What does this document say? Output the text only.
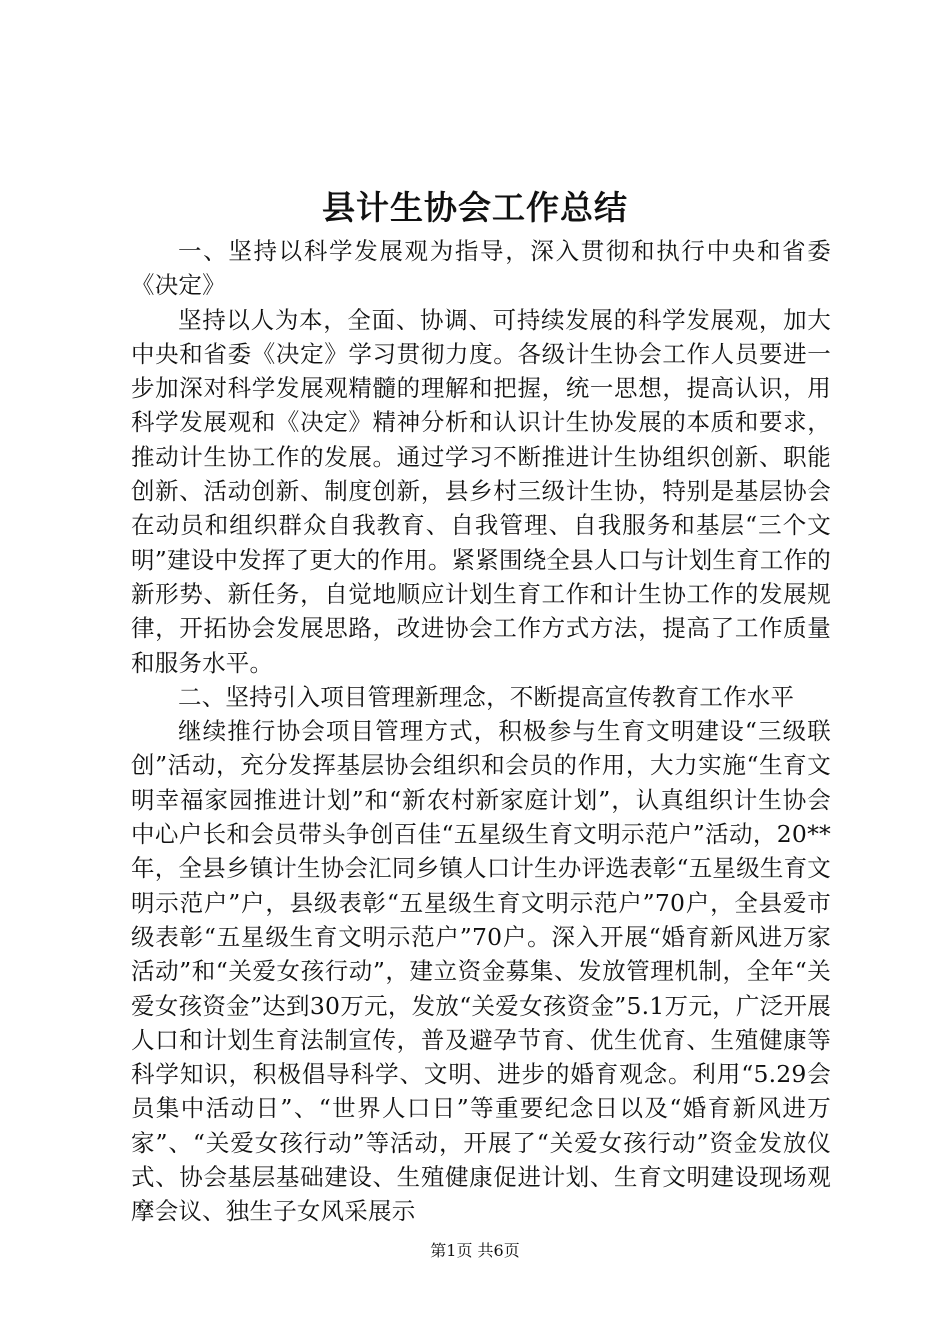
县计生协会工作总结

一、坚持以科学发展观为指导，深入贯彻和执行中央和省委《决定》

坚持以人为本，全面、协调、可持续发展的科学发展观，加大中央和省委《决定》学习贯彻力度。各级计生协会工作人员要进一步加深对科学发展观精髓的理解和把握，统一思想，提高认识，用科学发展观和《决定》精神分析和认识计生协发展的本质和要求，推动计生协工作的发展。通过学习不断推进计生协组织创新、职能创新、活动创新、制度创新，县乡村三级计生协，特别是基层协会在动员和组织群众自我教育、自我管理、自我服务和基层“三个文明”建设中发挥了更大的作用。紧紧围绕全县人口与计划生育工作的新形势、新任务，自觉地顺应计划生育工作和计生协工作的发展规律，开拓协会发展思路，改进协会工作方式方法，提高了工作质量和服务水平。

二、坚持引入项目管理新理念，不断提高宣传教育工作水平

继续推行协会项目管理方式，积极参与生育文明建设“三级联创”活动，充分发挥基层协会组织和会员的作用，大力实施“生育文明幸福家园推进计划”和“新农村新家庭计划”，认真组织计生协会中心户长和会员带头争创百佳“五星级生育文明示范户”活动，20**年，全县乡镇计生协会汇同乡镇人口计生办评选表彰“五星级生育文明示范户”户，县级表彰“五星级生育文明示范户”70户，全县爱市级表彰“五星级生育文明示范户”70户。深入开展“婚育新风进万家活动”和“关爱女孩行动”，建立资金募集、发放管理机制，全年“关爱女孩资金”达到30万元，发放“关爱女孩资金”5.1万元，广泛开展人口和计划生育法制宣传，普及避孕节育、优生优育、生殖健康等科学知识，积极倡导科学、文明、进步的婚育观念。利用“5.29会员集中活动日”、“世界人口日”等重要纪念日以及“婚育新风进万家”、“关爱女孩行动”等活动，开展了“关爱女孩行动”资金发放仪式、协会基层基础建设、生殖健康促进计划、生育文明建设现场观摩会议、独生子女风采展示

第1页 共6页
